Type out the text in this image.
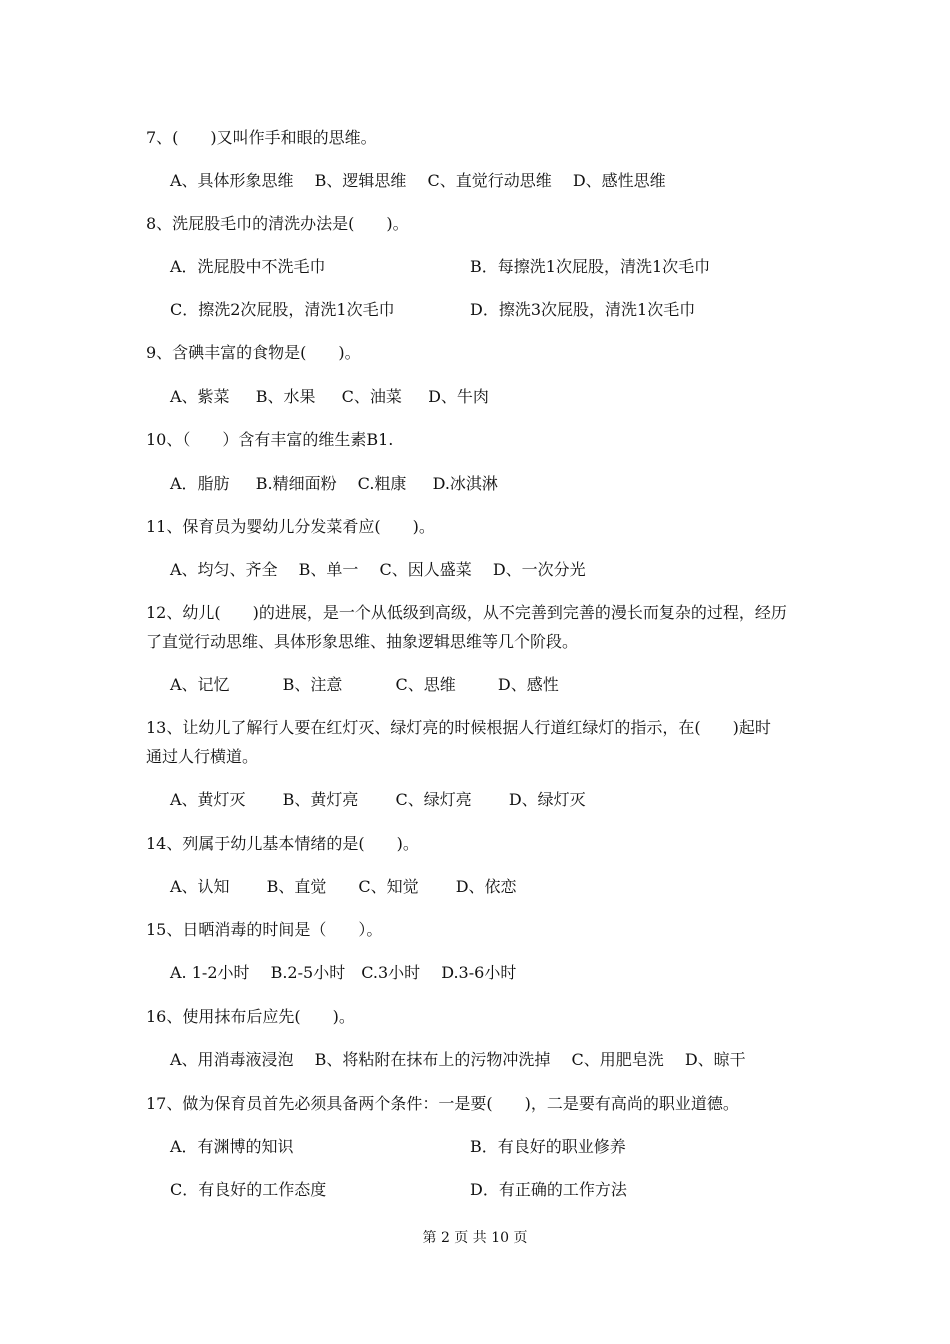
7、(　　)又叫作手和眼的思维。
A、具体形象思维　 B、逻辑思维　 C、直觉行动思维　 D、感性思维
8、洗屁股毛巾的清洗办法是(　　)。
A．洗屁股中不洗毛巾	B．每擦洗1次屁股，清洗1次毛巾
C．擦洗2次屁股，清洗1次毛巾	D．擦洗3次屁股，清洗1次毛巾
9、含碘丰富的食物是(　　)。
A、紫菜　  B、水果　  C、油菜　  D、牛肉
10、（　　）含有丰富的维生素B1.
A．脂肪　  B.精细面粉　 C.粗康　  D.冰淇淋
11、保育员为婴幼儿分发菜肴应(　　)。
A、均匀、齐全　 B、单一　 C、因人盛菜　 D、一次分光
12、幼儿(　　)的进展，是一个从低级到高级，从不完善到完善的漫长而复杂的过程，经历
了直觉行动思维、具体形象思维、抽象逻辑思维等几个阶段。
A、记忆　　　 B、注意　　　 C、思维　　  D、感性
13、让幼儿了解行人要在红灯灭、绿灯亮的时候根据人行道红绿灯的指示，在(　　)起时
通过人行横道。
A、黄灯灭　　 B、黄灯亮　　 C、绿灯亮　　 D、绿灯灭
14、列属于幼儿基本情绪的是(　　)。
A、认知　　 B、直觉　　C、知觉　　 D、依恋
15、日晒消毒的时间是（　　）。
A. 1-2小时　 B.2-5小时　C.3小时　 D.3-6小时
16、使用抹布后应先(　　)。
A、用消毒液浸泡　 B、将粘附在抹布上的污物冲洗掉　 C、用肥皂洗　 D、晾干
17、做为保育员首先必须具备两个条件：一是要(　　)，二是要有高尚的职业道德。
A．有渊博的知识	B．有良好的职业修养
C．有良好的工作态度	D．有正确的工作方法
第 2 页 共 10 页
